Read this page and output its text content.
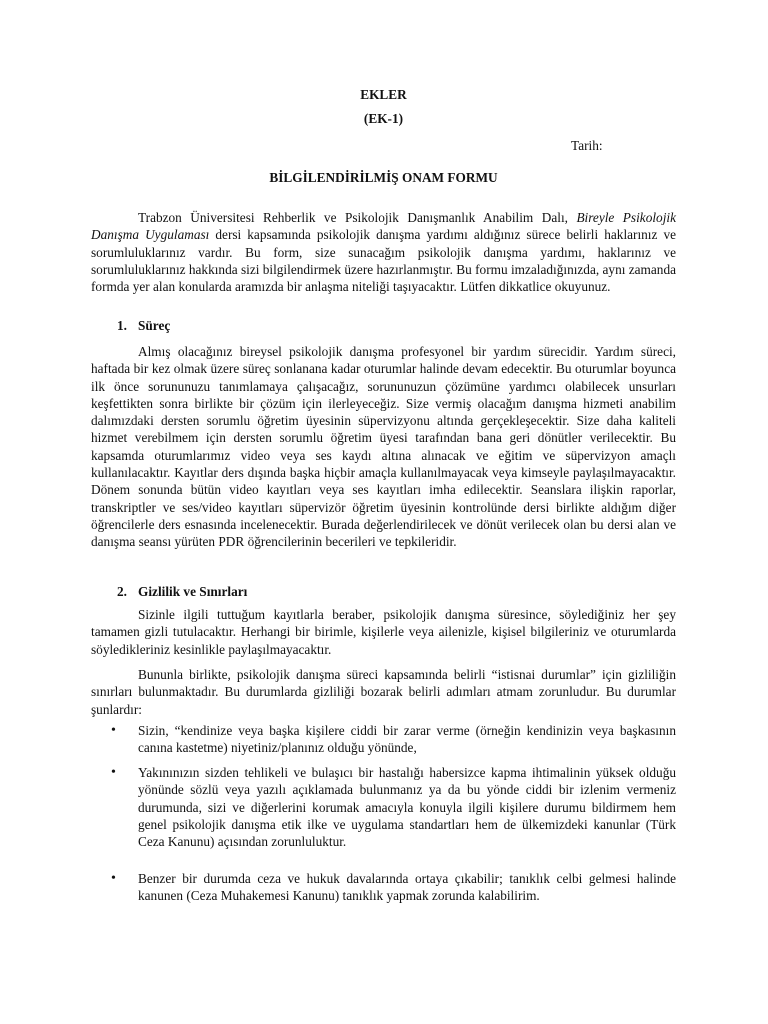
EKLER
(EK-1)
Tarih:
BİLGİLENDİRİLMİŞ ONAM FORMU
Trabzon Üniversitesi Rehberlik ve Psikolojik Danışmanlık Anabilim Dalı, Bireyle Psikolojik Danışma Uygulaması dersi kapsamında psikolojik danışma yardımı aldığınız sürece belirli haklarınız ve sorumluluklarınız vardır. Bu form, size sunacağım psikolojik danışma yardımı, haklarınız ve sorumluluklarınız hakkında sizi bilgilendirmek üzere hazırlanmıştır. Bu formu imzaladığınızda, aynı zamanda formda yer alan konularda aramızda bir anlaşma niteliği taşıyacaktır. Lütfen dikkatlice okuyunuz.
1. Süreç
Almış olacağınız bireysel psikolojik danışma profesyonel bir yardım sürecidir. Yardım süreci, haftada bir kez olmak üzere süreç sonlanana kadar oturumlar halinde devam edecektir. Bu oturumlar boyunca ilk önce sorununuzu tanımlamaya çalışacağız, sorununuzun çözümüne yardımcı olabilecek unsurları keşfettikten sonra birlikte bir çözüm için ilerleyeceğiz. Size vermiş olacağım danışma hizmeti anabilim dalımızdaki dersten sorumlu öğretim üyesinin süpervizyonu altında gerçekleşecektir. Size daha kaliteli hizmet verebilmem için dersten sorumlu öğretim üyesi tarafından bana geri dönütler verilecektir. Bu kapsamda oturumlarımız video veya ses kaydı altına alınacak ve eğitim ve süpervizyon amaçlı kullanılacaktır. Kayıtlar ders dışında başka hiçbir amaçla kullanılmayacak veya kimseyle paylaşılmayacaktır. Dönem sonunda bütün video kayıtları veya ses kayıtları imha edilecektir. Seanslara ilişkin raporlar, transkriptler ve ses/video kayıtları süpervizör öğretim üyesinin kontrolünde dersi birlikte aldığım diğer öğrencilerle ders esnasında incelenecektir. Burada değerlendirilecek ve dönüt verilecek olan bu dersi alan ve danışma seansı yürüten PDR öğrencilerinin becerileri ve tepkileridir.
2. Gizlilik ve Sınırları
Sizinle ilgili tuttuğum kayıtlarla beraber, psikolojik danışma süresince, söylediğiniz her şey tamamen gizli tutulacaktır. Herhangi bir birimle, kişilerle veya ailenizle, kişisel bilgileriniz ve oturumlarda söyledikleriniz kesinlikle paylaşılmayacaktır.
Bununla birlikte, psikolojik danışma süreci kapsamında belirli “istisnai durumlar” için gizliliğin sınırları bulunmaktadır. Bu durumlarda gizliliği bozarak belirli adımları atmam zorunludur. Bu durumlar şunlardır:
• Sizin, “kendinize veya başka kişilere ciddi bir zarar verme (örneğin kendinizin veya başkasının canına kastetme) niyetiniz/planınız olduğu yönünde,
• Yakınınızın sizden tehlikeli ve bulaşıcı bir hastalığı habersizce kapma ihtimalinin yüksek olduğu yönünde sözlü veya yazılı açıklamada bulunmanız ya da bu yönde ciddi bir izlenim vermeniz durumunda, sizi ve diğerlerini korumak amacıyla konuyla ilgili kişilere durumu bildirmem hem genel psikolojik danışma etik ilke ve uygulama standartları hem de ülkemizdeki kanunlar (Türk Ceza Kanunu) açısından zorunluluktur.
• Benzer bir durumda ceza ve hukuk davalarında ortaya çıkabilir; tanıklık celbi gelmesi halinde kanunen (Ceza Muhakemesi Kanunu) tanıklık yapmak zorunda kalabilirim.
